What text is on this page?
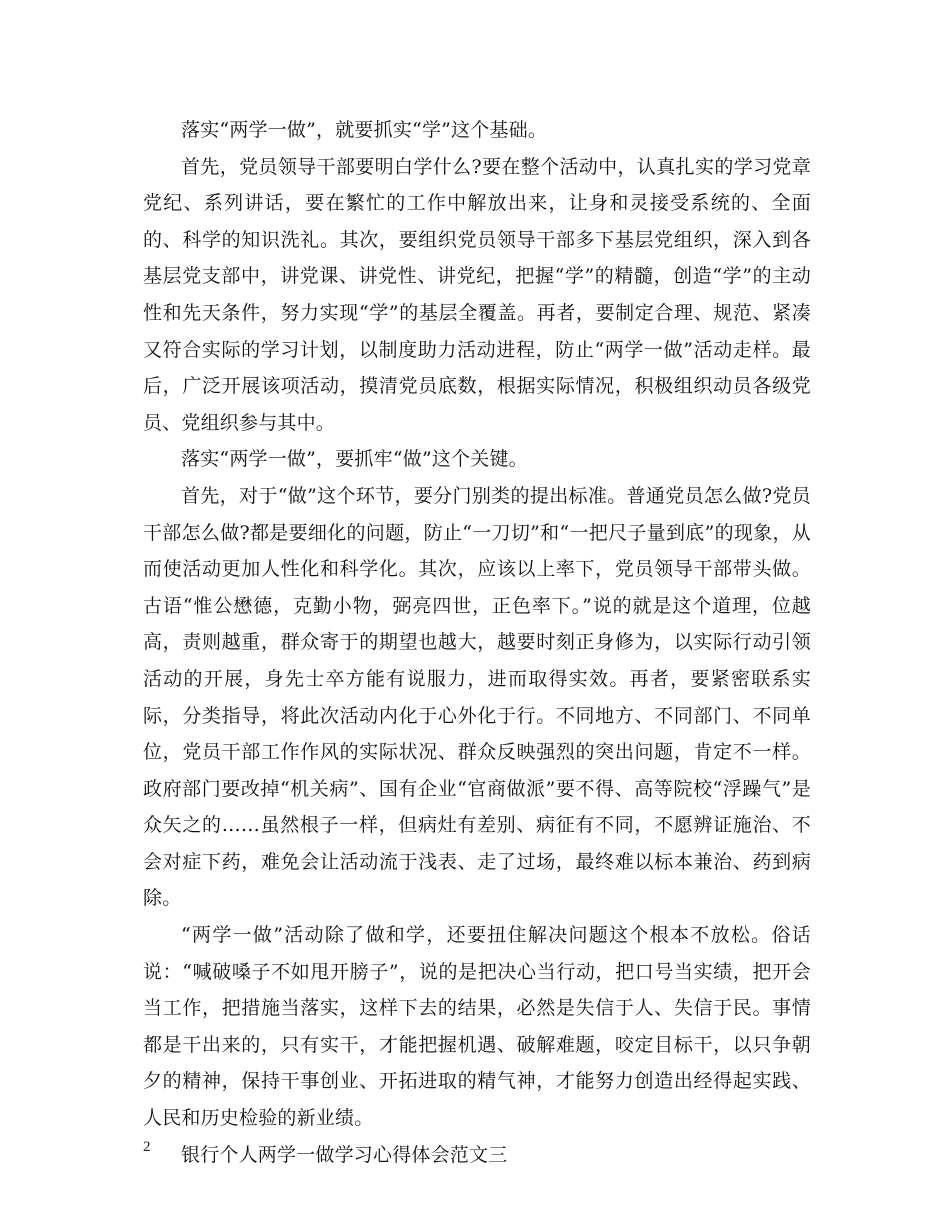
落实“两学一做”，就要抓实“学”这个基础。

首先，党员领导干部要明白学什么?要在整个活动中，认真扎实的学习党章党纪、系列讲话，要在繁忙的工作中解放出来，让身和灵接受系统的、全面的、科学的知识洗礼。其次，要组织党员领导干部多下基层党组织，深入到各基层党支部中，讲党课、讲党性、讲党纪，把握“学”的精髓，创造“学”的主动性和先天条件，努力实现“学”的基层全覆盖。再者，要制定合理、规范、紧凑又符合实际的学习计划，以制度助力活动进程，防止“两学一做”活动走样。最后，广泛开展该项活动，摸清党员底数，根据实际情况，积极组织动员各级党员、党组织参与其中。

落实“两学一做”，要抓牢“做”这个关键。

首先，对于“做”这个环节，要分门别类的提出标准。普通党员怎么做?党员干部怎么做?都是要细化的问题，防止“一刀切”和“一把尺子量到底”的现象，从而使活动更加人性化和科学化。其次，应该以上率下，党员领导干部带头做。古语“惟公懋德，克勤小物，弼亮四世，正色率下。”说的就是这个道理，位越高，责则越重，群众寄于的期望也越大，越要时刻正身修为，以实际行动引领活动的开展，身先士卒方能有说服力，进而取得实效。再者，要紧密联系实际，分类指导，将此次活动内化于心外化于行。不同地方、不同部门、不同单位，党员干部工作作风的实际状况、群众反映强烈的突出问题，肯定不一样。政府部门要改掉“机关病”、国有企业“官商做派”要不得、高等院校“浮躁气”是众矢之的……虽然根子一样，但病灶有差别、病征有不同，不愿辨证施治、不会对症下药，难免会让活动流于浅表、走了过场，最终难以标本兼治、药到病除。

“两学一做”活动除了做和学，还要扭住解决问题这个根本不放松。俗话说：“喊破嗓子不如甩开膀子”，说的是把决心当行动，把口号当实绩，把开会当工作，把措施当落实，这样下去的结果，必然是失信于人、失信于民。事情都是干出来的，只有实干，才能把握机遇、破解难题，咬定目标干，以只争朝夕的精神，保持干事创业、开拓进取的精气神，才能努力创造出经得起实践、人民和历史检验的新业绩。

银行个人两学一做学习心得体会范文三

2
